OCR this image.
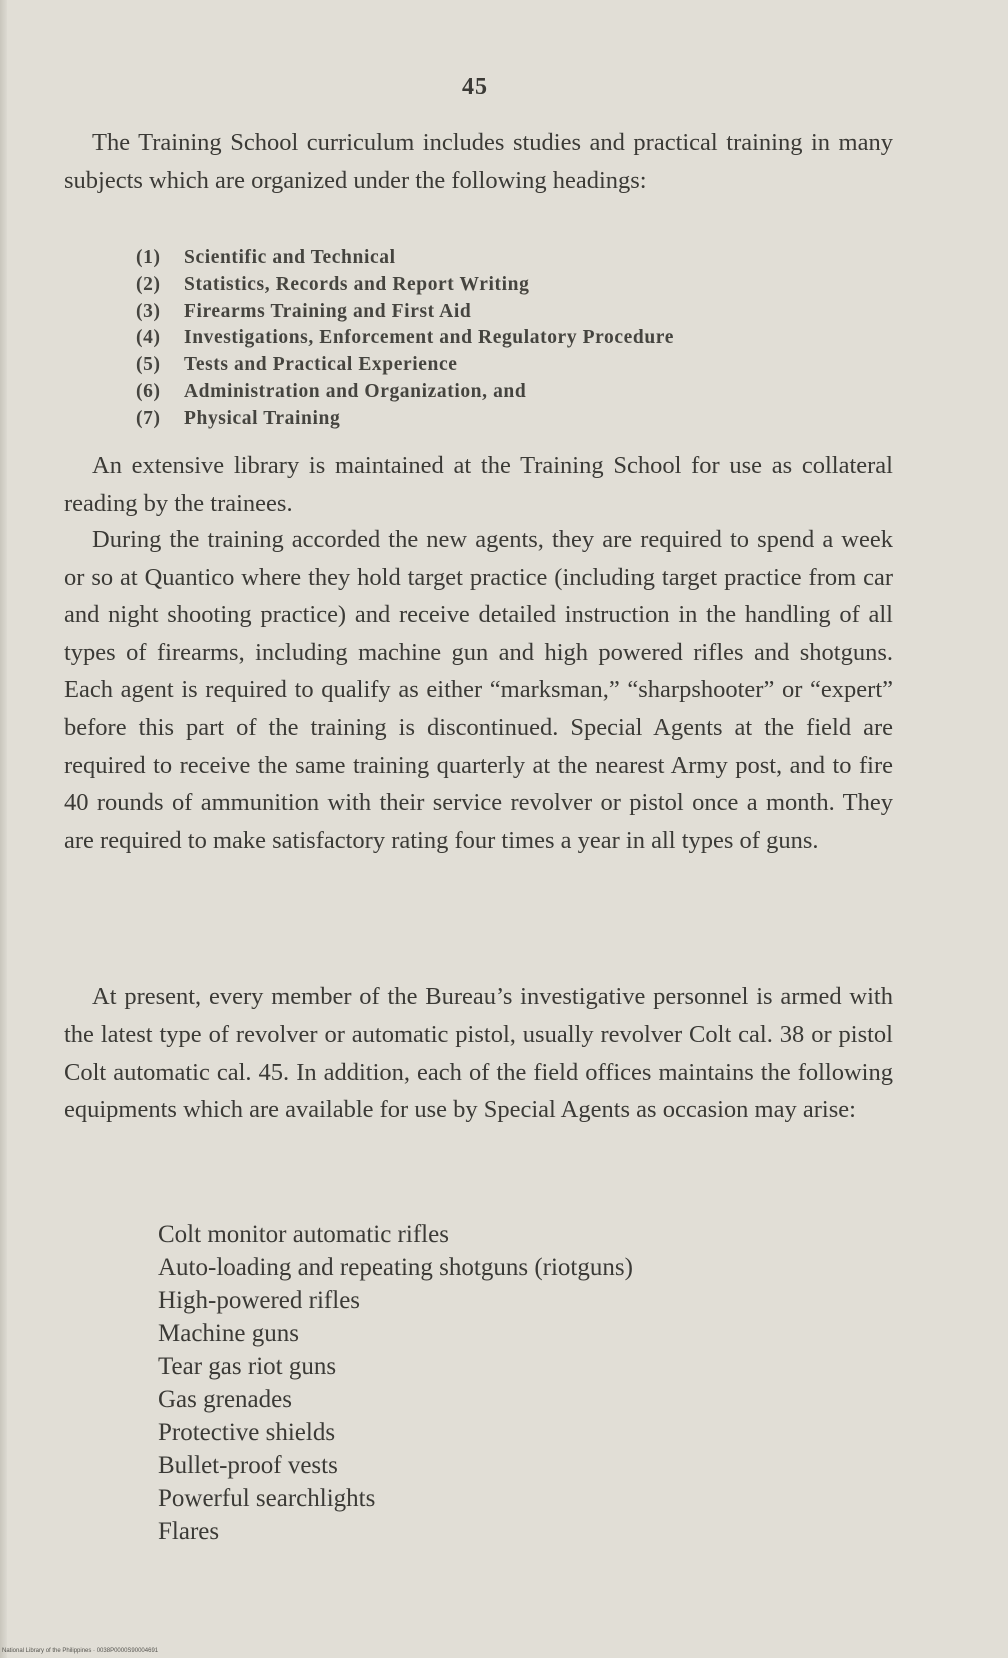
45

The Training School curriculum includes studies and practical training in many subjects which are organized under the following headings:

(1) Scientific and Technical
(2) Statistics, Records and Report Writing
(3) Firearms Training and First Aid
(4) Investigations, Enforcement and Regulatory Procedure
(5) Tests and Practical Experience
(6) Administration and Organization, and
(7) Physical Training

An extensive library is maintained at the Training School for use as collateral reading by the trainees.

During the training accorded the new agents, they are required to spend a week or so at Quantico where they hold target practice (including target practice from car and night shooting practice) and receive detailed instruction in the handling of all types of firearms, including machine gun and high powered rifles and shotguns. Each agent is required to qualify as either “marksman,” “sharpshooter” or “expert” before this part of the training is discontinued. Special Agents at the field are required to receive the same training quarterly at the nearest Army post, and to fire 40 rounds of ammunition with their service revolver or pistol once a month. They are required to make satisfactory rating four times a year in all types of guns.

At present, every member of the Bureau’s investigative personnel is armed with the latest type of revolver or automatic pistol, usually revolver Colt cal. 38 or pistol Colt automatic cal. 45. In addition, each of the field offices maintains the following equipments which are available for use by Special Agents as occasion may arise:

Colt monitor automatic rifles
Auto-loading and repeating shotguns (riotguns)
High-powered rifles
Machine guns
Tear gas riot guns
Gas grenades
Protective shields
Bullet-proof vests
Powerful searchlights
Flares
National Library of the Philippines · 0038P0000S90004691
